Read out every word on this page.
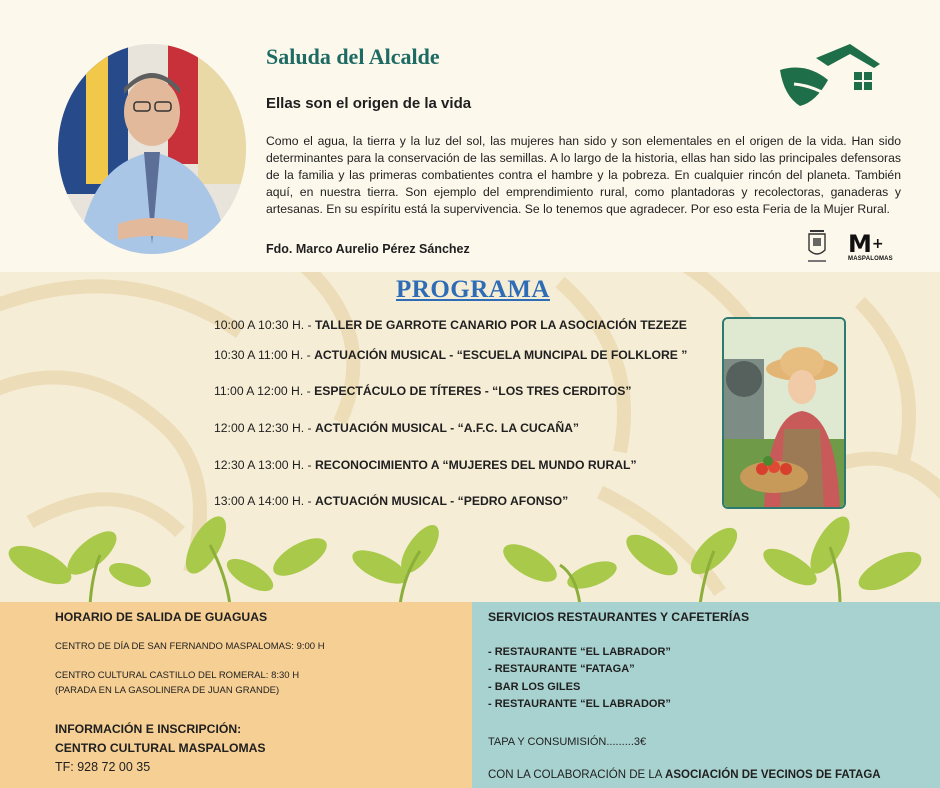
Saluda del Alcalde
Ellas son el origen de la vida
Como el agua, la tierra y la luz del sol, las mujeres han sido y son elementales en el origen de la vida. Han sido determinantes para la conservación de las semillas. A lo largo de la historia, ellas han sido las principales defensoras de la familia y las primeras combatientes contra el hambre y la pobreza. En cualquier rincón del planeta. También aquí, en nuestra tierra. Son ejemplo del emprendimiento rural, como plantadoras y recolectoras, ganaderas y artesanas. En su espíritu está la supervivencia. Se lo tenemos que agradecer. Por eso esta Feria de la Mujer Rural.
Fdo. Marco Aurelio Pérez Sánchez	M+
MASPALOMAS
PROGRAMA
10:00 A 10:30 H. - TALLER DE GARROTE CANARIO POR LA ASOCIACIÓN TEZEZE
10:30 A 11:00 H. - ACTUACIÓN MUSICAL - “ESCUELA MUNCIPAL DE FOLKLORE ”
11:00 A 12:00 H. - ESPECTÁCULO DE TÍTERES - “LOS TRES CERDITOS”
12:00 A 12:30 H. - ACTUACIÓN MUSICAL - “A.F.C. LA CUCAÑA”
12:30 A 13:00 H. - RECONOCIMIENTO A “MUJERES DEL MUNDO RURAL”
13:00 A 14:00 H. - ACTUACIÓN MUSICAL - “PEDRO AFONSO”
HORARIO DE SALIDA DE GUAGUAS
CENTRO DE DÍA DE SAN FERNANDO MASPALOMAS: 9:00 H
CENTRO CULTURAL CASTILLO DEL ROMERAL: 8:30 H
(PARADA EN LA GASOLINERA DE JUAN GRANDE)
INFORMACIÓN E INSCRIPCIÓN:
CENTRO CULTURAL MASPALOMAS
TF: 928 72 00 35
SERVICIOS RESTAURANTES Y CAFETERÍAS
- RESTAURANTE “EL LABRADOR”
- RESTAURANTE “FATAGA”
- BAR LOS GILES
- RESTAURANTE “EL LABRADOR”
TAPA Y CONSUMISIÓN.........3€
CON LA COLABORACIÓN DE LA ASOCIACIÓN DE VECINOS DE FATAGA
